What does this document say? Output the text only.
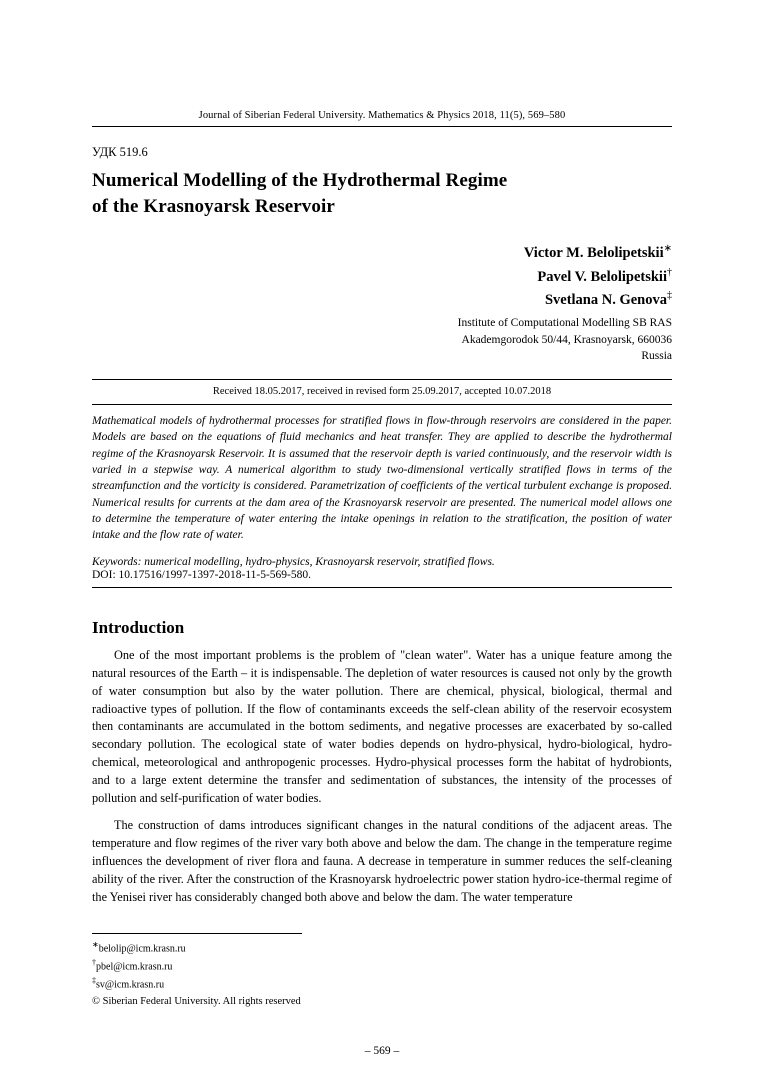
Journal of Siberian Federal University. Mathematics & Physics 2018, 11(5), 569–580
УДК 519.6
Numerical Modelling of the Hydrothermal Regime
of the Krasnoyarsk Reservoir
Victor M. Belolipetskii∗
Pavel V. Belolipetskii†
Svetlana N. Genova‡
Institute of Computational Modelling SB RAS
Akademgorodok 50/44, Krasnoyarsk, 660036
Russia
Received 18.05.2017, received in revised form 25.09.2017, accepted 10.07.2018
Mathematical models of hydrothermal processes for stratified flows in flow-through reservoirs are considered in the paper. Models are based on the equations of fluid mechanics and heat transfer. They are applied to describe the hydrothermal regime of the Krasnoyarsk Reservoir. It is assumed that the reservoir depth is varied continuously, and the reservoir width is varied in a stepwise way. A numerical algorithm to study two-dimensional vertically stratified flows in terms of the streamfunction and the vorticity is considered. Parametrization of coefficients of the vertical turbulent exchange is proposed. Numerical results for currents at the dam area of the Krasnoyarsk reservoir are presented. The numerical model allows one to determine the temperature of water entering the intake openings in relation to the stratification, the position of water intake and the flow rate of water.
Keywords: numerical modelling, hydro-physics, Krasnoyarsk reservoir, stratified flows.
DOI: 10.17516/1997-1397-2018-11-5-569-580.
Introduction
One of the most important problems is the problem of "clean water". Water has a unique feature among the natural resources of the Earth – it is indispensable. The depletion of water resources is caused not only by the growth of water consumption but also by the water pollution. There are chemical, physical, biological, thermal and radioactive types of pollution. If the flow of contaminants exceeds the self-clean ability of the reservoir ecosystem then contaminants are accumulated in the bottom sediments, and negative processes are exacerbated by so-called secondary pollution. The ecological state of water bodies depends on hydro-physical, hydro-biological, hydro-chemical, meteorological and anthropogenic processes. Hydro-physical processes form the habitat of hydrobionts, and to a large extent determine the transfer and sedimentation of substances, the intensity of the processes of pollution and self-purification of water bodies.
The construction of dams introduces significant changes in the natural conditions of the adjacent areas. The temperature and flow regimes of the river vary both above and below the dam. The change in the temperature regime influences the development of river flora and fauna. A decrease in temperature in summer reduces the self-cleaning ability of the river. After the construction of the Krasnoyarsk hydroelectric power station hydro-ice-thermal regime of the Yenisei river has considerably changed both above and below the dam. The water temperature
∗belolip@icm.krasn.ru
†pbel@icm.krasn.ru
‡sv@icm.krasn.ru
© Siberian Federal University. All rights reserved
– 569 –
